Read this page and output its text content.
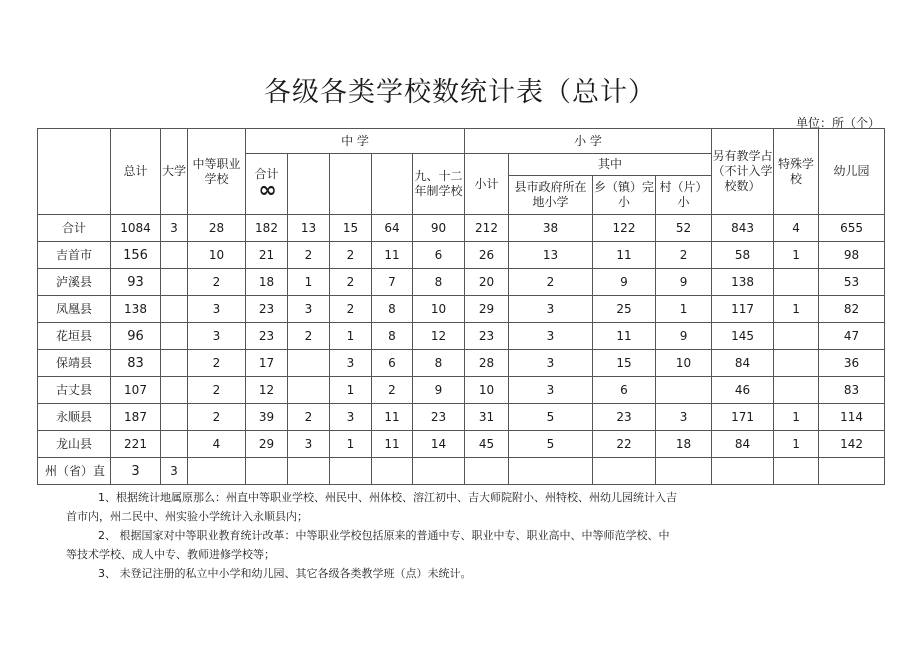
各级各类学校数统计表（总计）
单位：所（个）
	总计	大学	中等职业学校	中 学					小 学				另有教学占（不计入学校数）	特殊学校	幼儿园
				合计 ∞				九、十二年制学校	小计	其中					
										县市政府所在地小学	乡（镇）完小	村（片）小			
合计	1084	3	28	182	13	15	64	90	212	38	122	52	843	4	655
吉首市	156		10	21	2	2	11	6	26	13	11	2	58	1	98
泸溪县	93		2	18	1	2	7	8	20	2	9	9	138		53
凤凰县	138		3	23	3	2	8	10	29	3	25	1	117	1	82
花垣县	96		3	23	2	1	8	12	23	3	11	9	145		47
保靖县	83		2	17		3	6	8	28	3	15	10	84		36
古丈县	107		2	12		1	2	9	10	3	6		46		83
永顺县	187		2	39	2	3	11	23	31	5	23	3	171	1	114
龙山县	221		4	29	3	1	11	14	45	5	22	18	84	1	142
州（省）直	3	3													

1、根据统计地属原那么：州直中等职业学校、州民中、州体校、溶江初中、吉大师院附小、州特校、州幼儿园统计入吉

首市内，州二民中、州实验小学统计入永顺县内；

2、 根据国家对中等职业教育统计改革：中等职业学校包括原来的普通中专、职业中专、职业高中、中等师范学校、中

等技术学校、成人中专、教师进修学校等；

3、 未登记注册的私立中小学和幼儿园、其它各级各类教学班（点）未统计。
